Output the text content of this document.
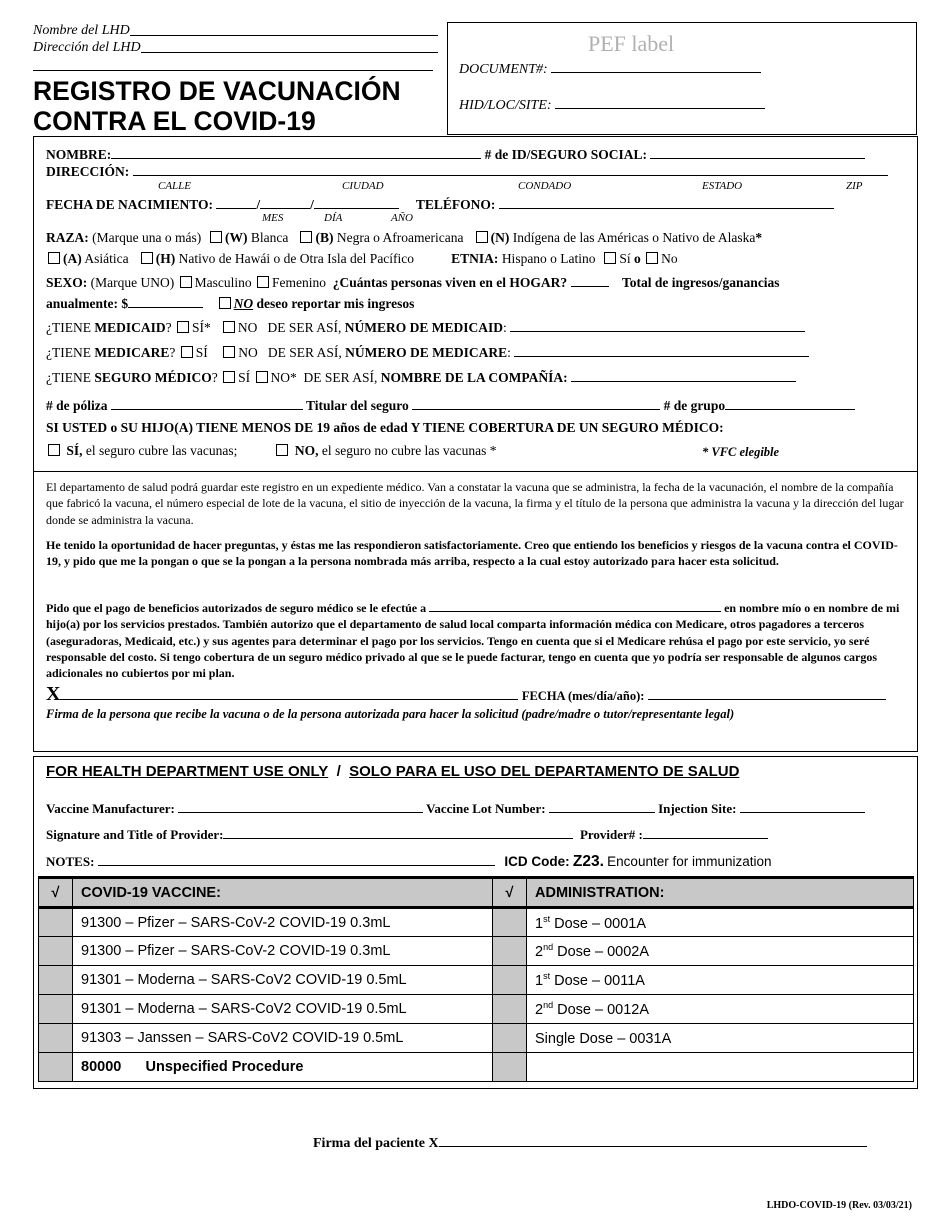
Nombre del LHD
Dirección del LHD
REGISTRO DE VACUNACIÓN
CONTRA EL COVID-19
PEF label
DOCUMENT#:
HID/LOC/SITE:
NOMBRE:	# de ID/SEGURO SOCIAL:
DIRECCIÓN:
CALLE	CIUDAD	CONDADO	ESTADO	ZIP
FECHA DE NACIMIENTO:	/	/	TELÉFONO:
MES	DÍA	AÑO
RAZA: (Marque una o más) (W) Blanca (B) Negra o Afroamericana (N) Indígena de las Américas o Nativo de Alaska*
(A) Asiática (H) Nativo de Hawái o de Otra Isla del Pacífico	ETNIA: Hispano o Latino Sí o No
SEXO: (Marque UNO) Masculino Femenino ¿Cuántas personas viven en el HOGAR?	Total de ingresos/ganancias
anualmente: $	NO deseo reportar mis ingresos
¿TIENE MEDICAID? SÍ* NO DE SER ASÍ, NÚMERO DE MEDICAID:
¿TIENE MEDICARE? SÍ NO DE SER ASÍ, NÚMERO DE MEDICARE:
¿TIENE SEGURO MÉDICO? SÍ NO* DE SER ASÍ, NOMBRE DE LA COMPAÑÍA:
# de póliza	Titular del seguro	# de grupo
SI USTED o SU HIJO(A) TIENE MENOS DE 19 años de edad Y TIENE COBERTURA DE UN SEGURO MÉDICO:
SÍ, el seguro cubre las vacunas;	NO, el seguro no cubre las vacunas *	* VFC elegible
El departamento de salud podrá guardar este registro en un expediente médico. Van a constatar la vacuna que se administra, la fecha de la vacunación, el nombre de la compañía que fabricó la vacuna, el número especial de lote de la vacuna, el sitio de inyección de la vacuna, la firma y el título de la persona que administra la vacuna y la dirección del lugar donde se administra la vacuna.
He tenido la oportunidad de hacer preguntas, y éstas me las respondieron satisfactoriamente. Creo que entiendo los beneficios y riesgos de la vacuna contra el COVID-19, y pido que me la pongan o que se la pongan a la persona nombrada más arriba, respecto a la cual estoy autorizado para hacer esta solicitud.
Pido que el pago de beneficios autorizados de seguro médico se le efectúe a	en nombre mío o en nombre de mi hijo(a) por los servicios prestados. También autorizo que el departamento de salud local comparta información médica con Medicare, otros pagadores a terceros (aseguradoras, Medicaid, etc.) y sus agentes para determinar el pago por los servicios. Tengo en cuenta que si el Medicare rehúsa el pago por este servicio, yo seré responsable del costo. Si tengo cobertura de un seguro médico privado al que se le puede facturar, tengo en cuenta que yo podría ser responsable de algunos cargos adicionales no cubiertos por mi plan.
X	FECHA (mes/día/año):
Firma de la persona que recibe la vacuna o de la persona autorizada para hacer la solicitud (padre/madre o tutor/representante legal)
FOR HEALTH DEPARTMENT USE ONLY / SOLO PARA EL USO DEL DEPARTAMENTO DE SALUD
Vaccine Manufacturer:	Vaccine Lot Number:	Injection Site:
Signature and Title of Provider:	Provider# :
NOTES:	ICD Code: Z23. Encounter for immunization
√	COVID-19 VACCINE:	√	ADMINISTRATION:
	91300 – Pfizer – SARS-CoV-2 COVID-19 0.3mL		1st Dose – 0001A
	91300 – Pfizer – SARS-CoV-2 COVID-19 0.3mL		2nd Dose – 0002A
	91301 – Moderna – SARS-CoV2 COVID-19 0.5mL		1st Dose – 0011A
	91301 – Moderna – SARS-CoV2 COVID-19 0.5mL		2nd Dose – 0012A
	91303 – Janssen – SARS-CoV2 COVID-19 0.5mL		Single Dose – 0031A
	80000 Unspecified Procedure		
Firma del paciente X
LHDO-COVID-19 (Rev. 03/03/21)
